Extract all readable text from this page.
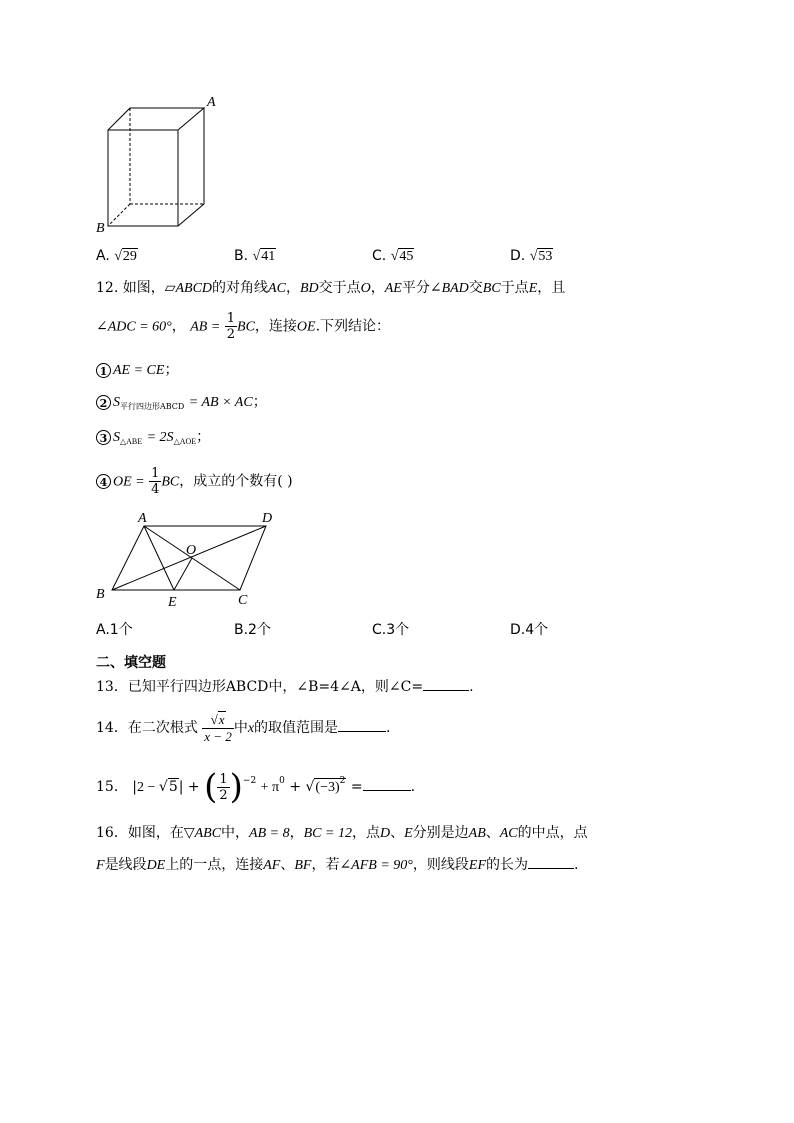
A
B
A. √29	B. √41	C. √45	D. √53
12. 如图，▱ABCD的对角线AC，BD交于点O，AE平分∠BAD交BC于点E，且
∠ADC = 60°， AB = $\frac{1}{2}$ BC，连接OE.下列结论：
1 AE = CE；
2 $S_{平行四边形ABCD}$ = AB × AC；
3 $S_{\triangle ABE} = 2S_{\triangle AOE}$；
4 OE = $\frac{1}{4}$ BC，成立的个数有( )
A	D
O
B
E	C
A.1个	B.2个	C.3个	D.4个
二、填空题
13．已知平行四边形ABCD中，∠B=4∠A，则∠C=	.
14．在二次根式 $\frac{√x}{x - 2}$ 中x的取值范围是	.
15． |2 − √5| + ( $\frac{1}{2} )^{-2} + \pi^0 + √(-3)^2$ =	.
16．如图，在▽ABC中，AB = 8，BC = 12，点D、E分别是边AB、AC的中点，点
F是线段DE上的一点，连接AF、BF，若∠AFB = 90°，则线段EF的长为	.
